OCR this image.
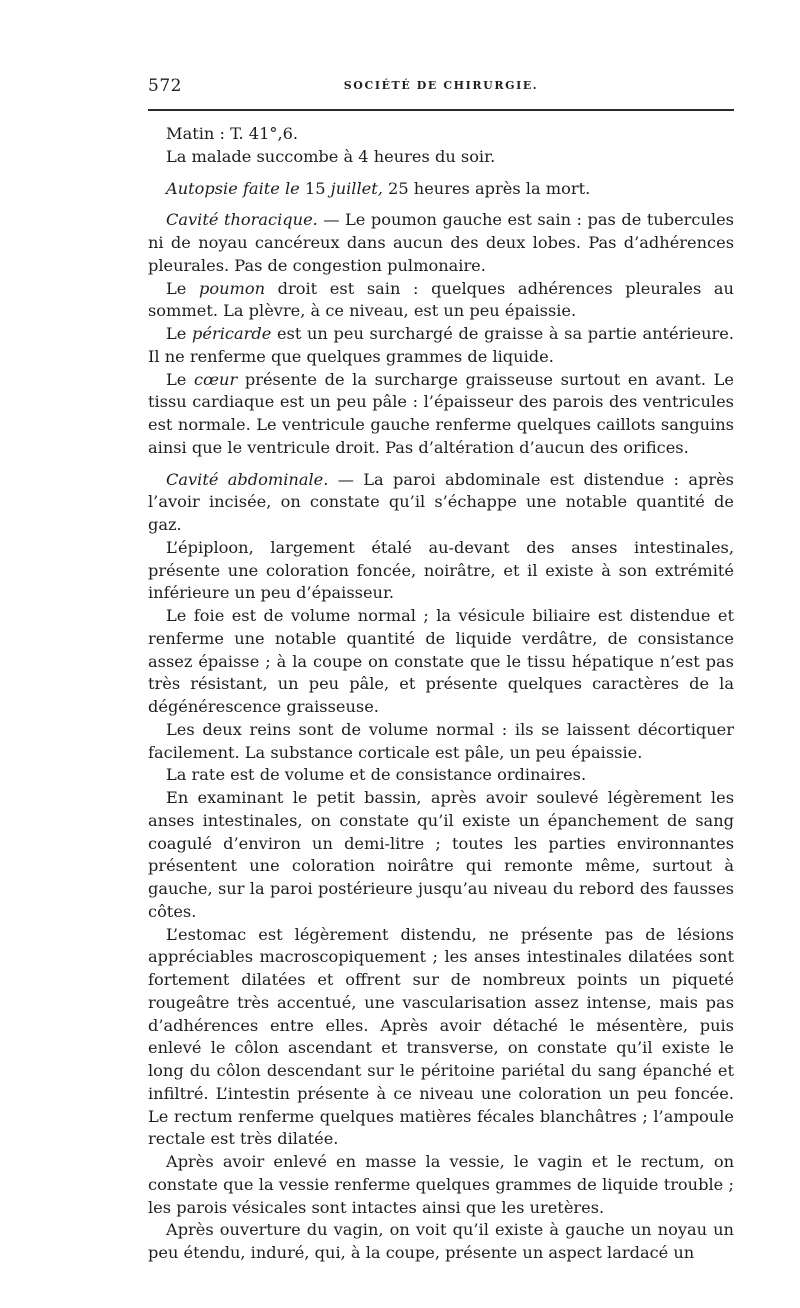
572	SOCIÉTÉ DE CHIRURGIE.

Matin : T. 41°,6.

La malade succombe à 4 heures du soir.

Autopsie faite le 15 juillet, 25 heures après la mort.

Cavité thoracique. — Le poumon gauche est sain : pas de tubercules ni de noyau cancéreux dans aucun des deux lobes. Pas d’adhérences pleurales. Pas de congestion pulmonaire.

Le poumon droit est sain : quelques adhérences pleurales au sommet. La plèvre, à ce niveau, est un peu épaissie.

Le péricarde est un peu surchargé de graisse à sa partie antérieure. Il ne renferme que quelques grammes de liquide.

Le cœur présente de la surcharge graisseuse surtout en avant. Le tissu cardiaque est un peu pâle : l’épaisseur des parois des ventricules est normale. Le ventricule gauche renferme quelques caillots sanguins ainsi que le ventricule droit. Pas d’altération d’aucun des orifices.

Cavité abdominale. — La paroi abdominale est distendue : après l’avoir incisée, on constate qu’il s’échappe une notable quantité de gaz.

L’épiploon, largement étalé au-devant des anses intestinales, présente une coloration foncée, noirâtre, et il existe à son extrémité inférieure un peu d’épaisseur.

Le foie est de volume normal ; la vésicule biliaire est distendue et renferme une notable quantité de liquide verdâtre, de consistance assez épaisse ; à la coupe on constate que le tissu hépatique n’est pas très résistant, un peu pâle, et présente quelques caractères de la dégénérescence graisseuse.

Les deux reins sont de volume normal : ils se laissent décortiquer facilement. La substance corticale est pâle, un peu épaissie.

La rate est de volume et de consistance ordinaires.

En examinant le petit bassin, après avoir soulevé légèrement les anses intestinales, on constate qu’il existe un épanchement de sang coagulé d’environ un demi-litre ; toutes les parties environnantes présentent une coloration noirâtre qui remonte même, surtout à gauche, sur la paroi postérieure jusqu’au niveau du rebord des fausses côtes.

L’estomac est légèrement distendu, ne présente pas de lésions appréciables macroscopiquement ; les anses intestinales dilatées sont fortement dilatées et offrent sur de nombreux points un piqueté rougeâtre très accentué, une vascularisation assez intense, mais pas d’adhérences entre elles. Après avoir détaché le mésentère, puis enlevé le côlon ascendant et transverse, on constate qu’il existe le long du côlon descendant sur le péritoine pariétal du sang épanché et infiltré. L’intestin présente à ce niveau une coloration un peu foncée. Le rectum renferme quelques matières fécales blanchâtres ; l’ampoule rectale est très dilatée.

Après avoir enlevé en masse la vessie, le vagin et le rectum, on constate que la vessie renferme quelques grammes de liquide trouble ; les parois vésicales sont intactes ainsi que les uretères.

Après ouverture du vagin, on voit qu’il existe à gauche un noyau un peu étendu, induré, qui, à la coupe, présente un aspect lardacé un
